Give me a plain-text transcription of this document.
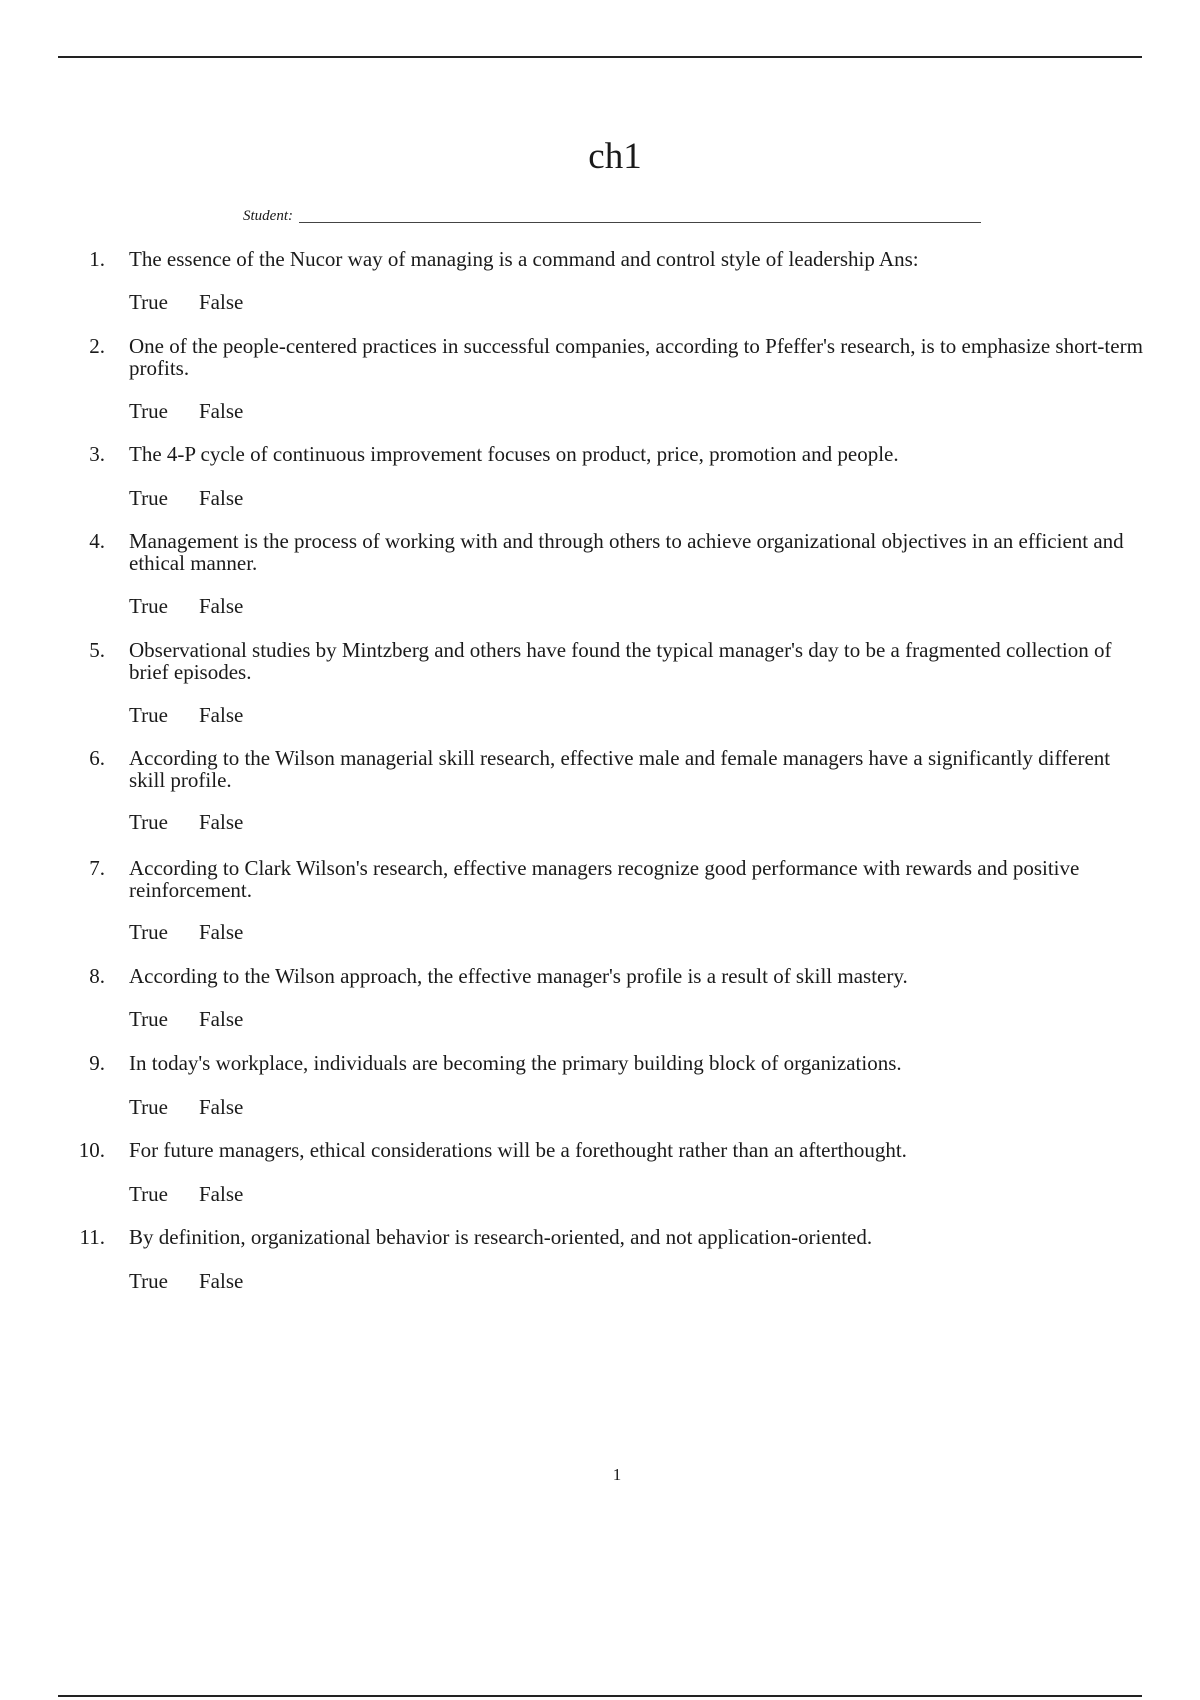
ch1
Student:
1. The essence of the Nucor way of managing is a command and control style of leadership Ans:
True False
2. One of the people-centered practices in successful companies, according to Pfeffer's research, is to emphasize short-term profits.
True False
3. The 4-P cycle of continuous improvement focuses on product, price, promotion and people.
True False
4. Management is the process of working with and through others to achieve organizational objectives in an efficient and ethical manner.
True False
5. Observational studies by Mintzberg and others have found the typical manager's day to be a fragmented collection of brief episodes.
True False
6. According to the Wilson managerial skill research, effective male and female managers have a significantly different skill profile.
True False
7. According to Clark Wilson's research, effective managers recognize good performance with rewards and positive reinforcement.
True False
8. According to the Wilson approach, the effective manager's profile is a result of skill mastery.
True False
9. In today's workplace, individuals are becoming the primary building block of organizations.
True False
10. For future managers, ethical considerations will be a forethought rather than an afterthought.
True False
11. By definition, organizational behavior is research-oriented, and not application-oriented.
True False
1
